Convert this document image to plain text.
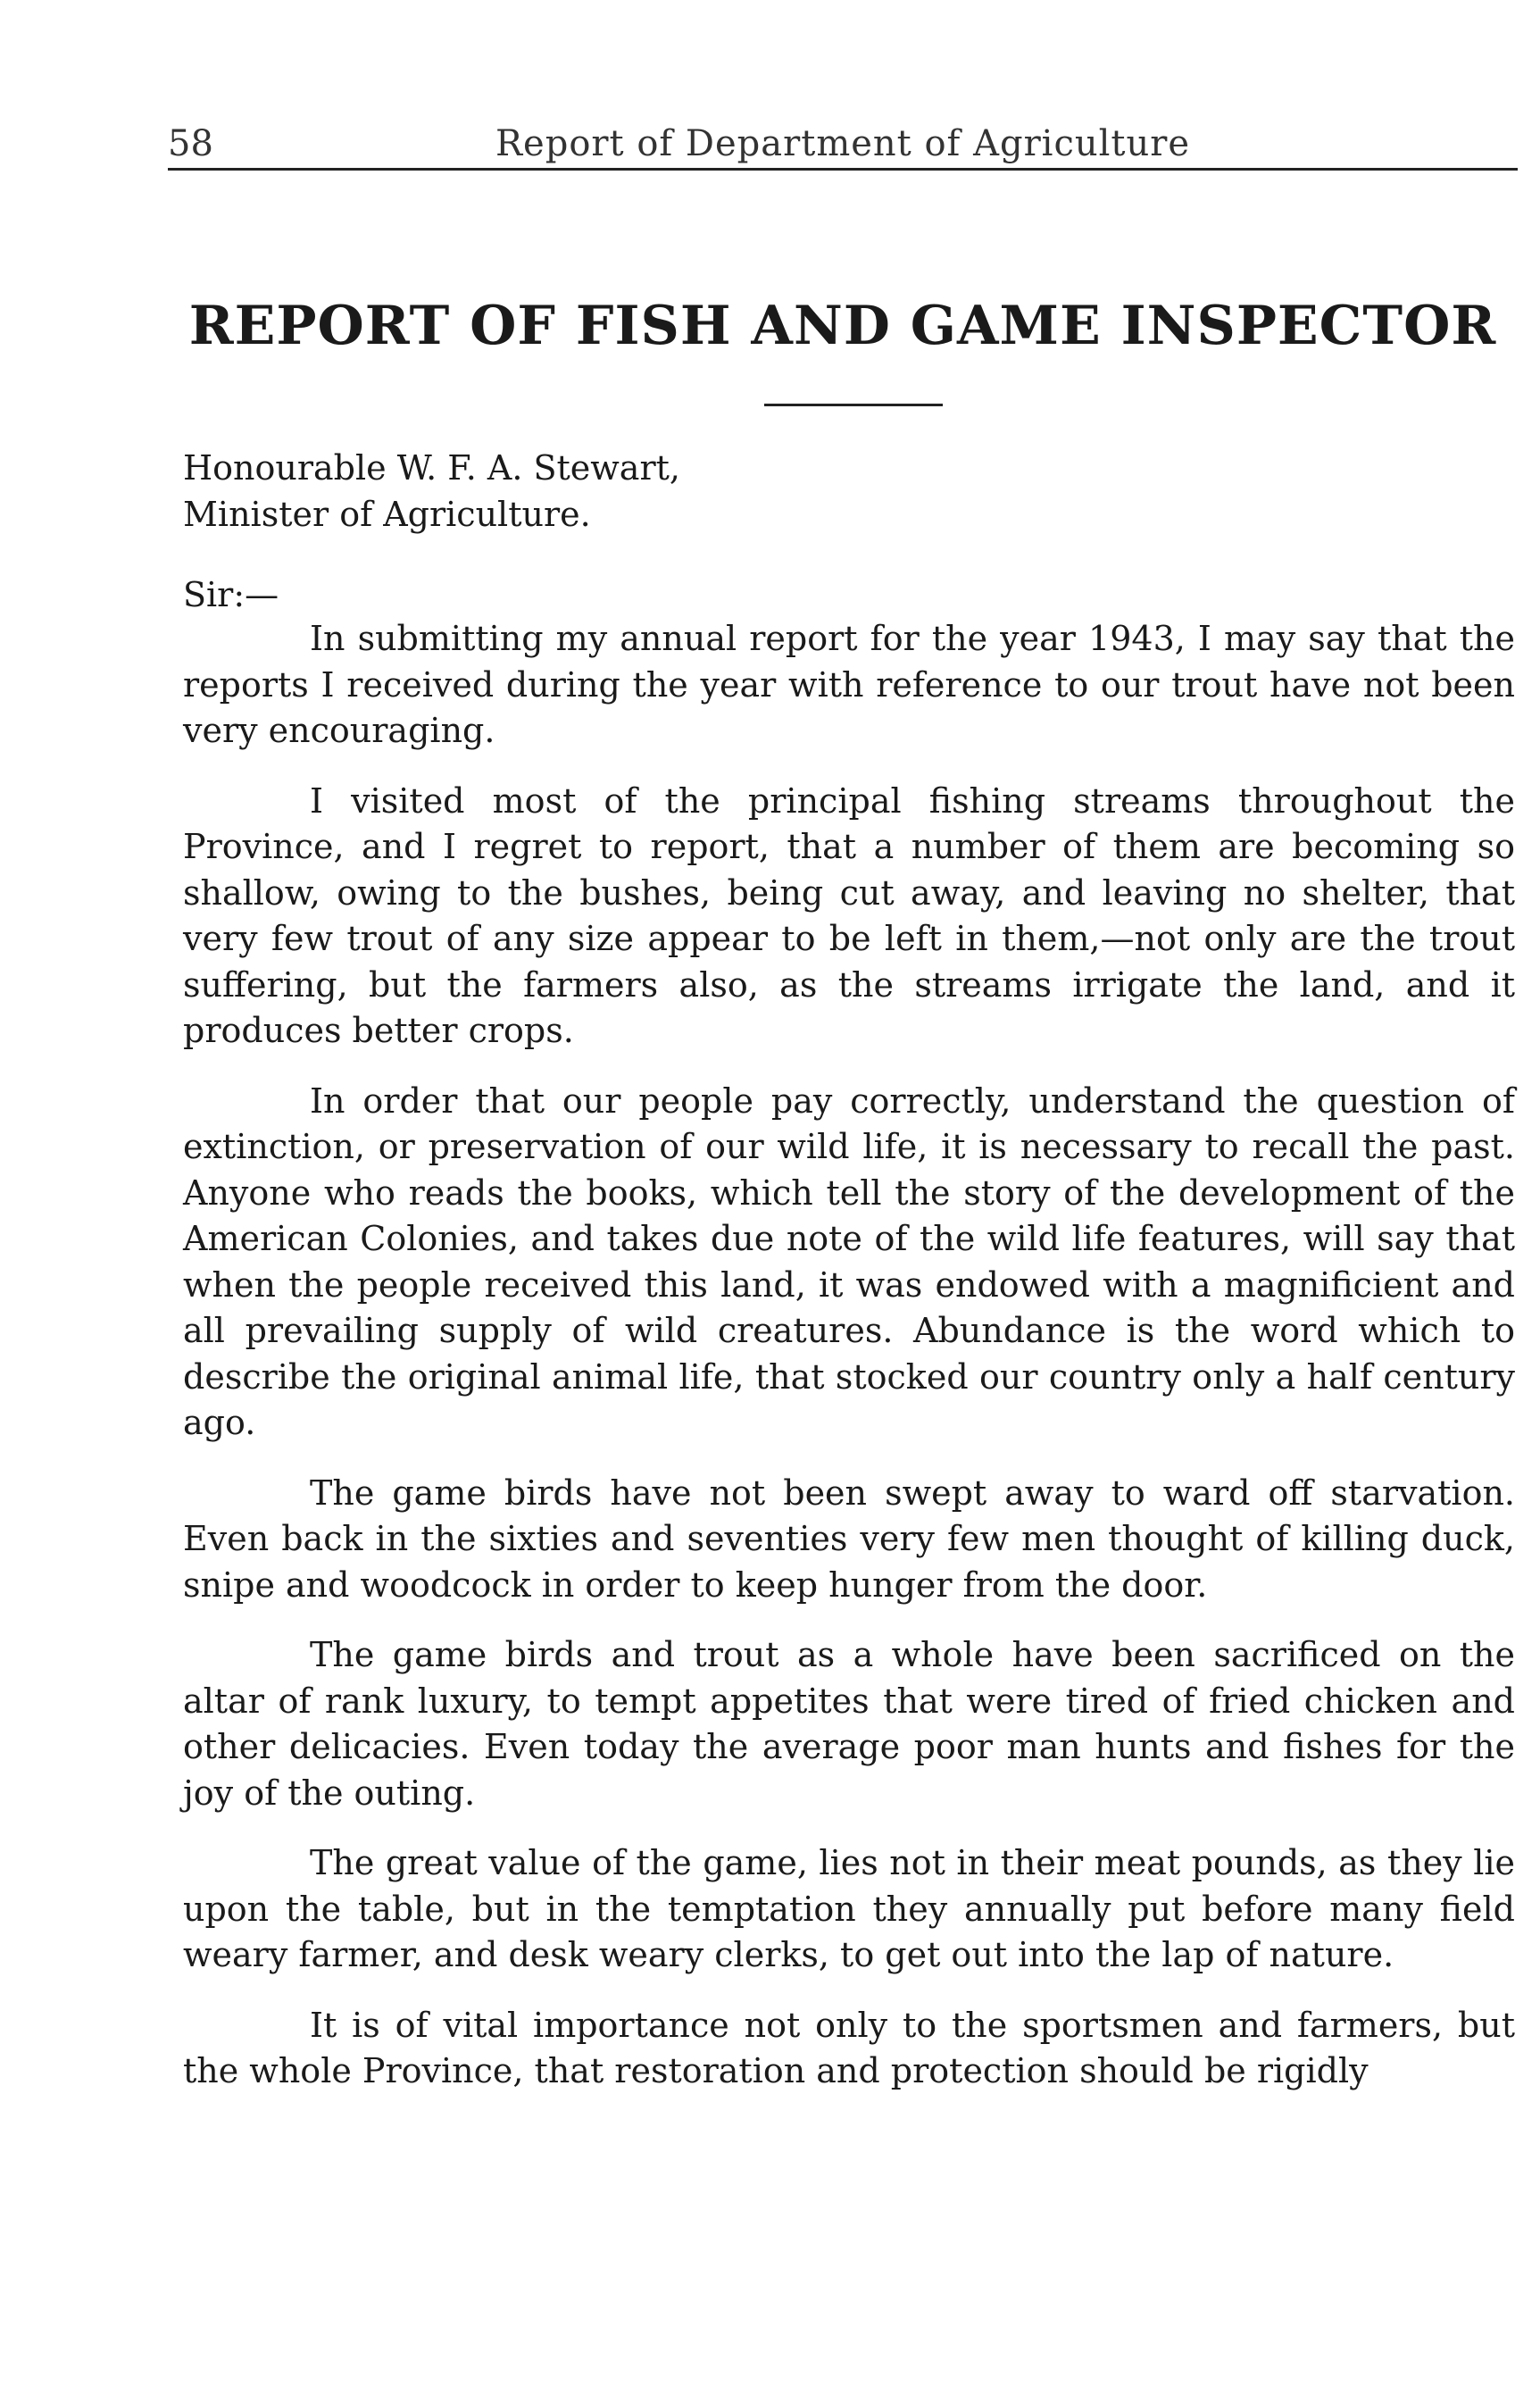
58	Report of Department of Agriculture
REPORT OF FISH AND GAME INSPECTOR
Honourable W. F. A. Stewart,
Minister of Agriculture.
Sir:—

In submitting my annual report for the year 1943, I may say that the reports I received during the year with reference to our trout have not been very encouraging.

I visited most of the principal fishing streams throughout the Province, and I regret to report, that a number of them are becoming so shallow, owing to the bushes, being cut away, and leaving no shelter, that very few trout of any size appear to be left in them,—not only are the trout suffering, but the farmers also, as the streams irrigate the land, and it produces better crops.

In order that our people pay correctly, understand the question of extinction, or preservation of our wild life, it is necessary to recall the past. Anyone who reads the books, which tell the story of the development of the American Colonies, and takes due note of the wild life features, will say that when the people received this land, it was endowed with a magnificient and all prevailing supply of wild creatures. Abundance is the word which to describe the original animal life, that stocked our country only a half century ago.

The game birds have not been swept away to ward off starvation. Even back in the sixties and seventies very few men thought of killing duck, snipe and woodcock in order to keep hunger from the door.

The game birds and trout as a whole have been sacrificed on the altar of rank luxury, to tempt appetites that were tired of fried chicken and other delicacies. Even today the average poor man hunts and fishes for the joy of the outing.

The great value of the game, lies not in their meat pounds, as they lie upon the table, but in the temptation they annually put before many field weary farmer, and desk weary clerks, to get out into the lap of nature.

It is of vital importance not only to the sportsmen and farmers, but the whole Province, that restoration and protection should be rigidly
